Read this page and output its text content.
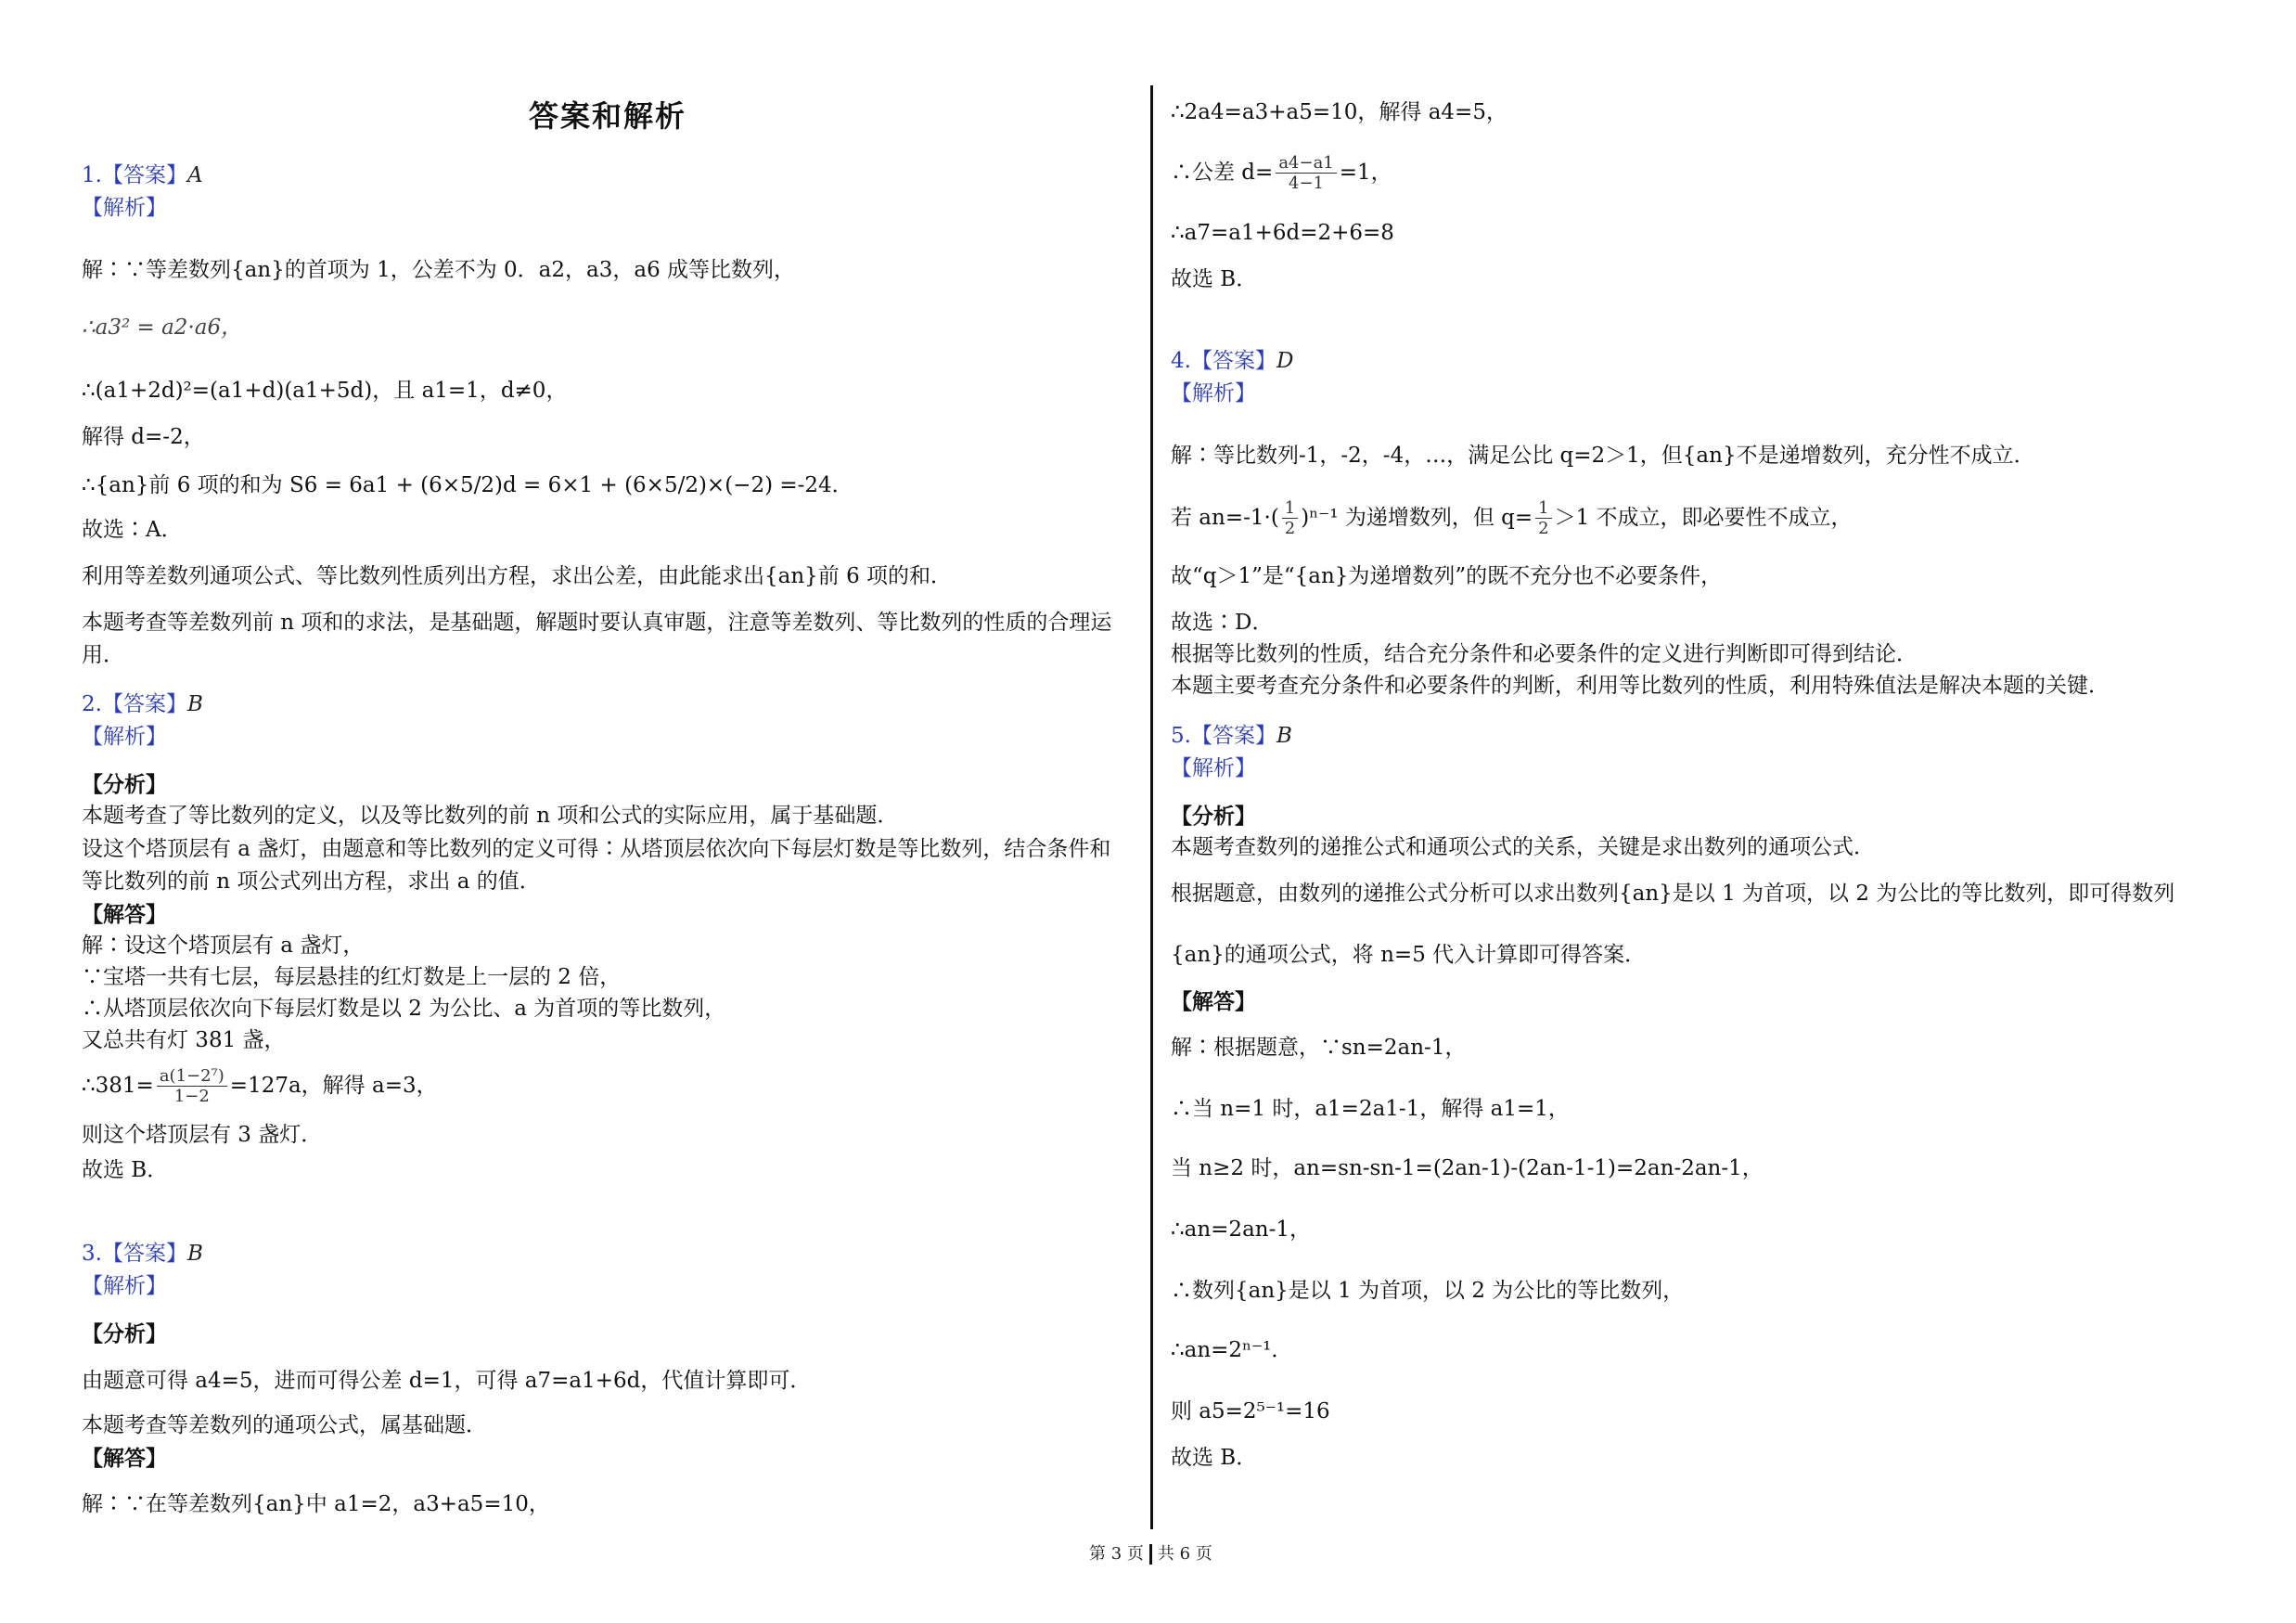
答案和解析
1.【答案】A
【解析】
解∶∵等差数列{an}的首项为 1，公差不为 0．a2，a3，a6 成等比数列，
∴a3² = a2·a6，
∴(a1+2d)²=(a1+d)(a1+5d)，且 a1=1，d≠0，
解得 d=-2，
∴{an}前 6 项的和为 S6 = 6a1 + (6×5/2)d = 6×1 + (6×5/2)×(−2) =-24．
故选∶A．
利用等差数列通项公式、等比数列性质列出方程，求出公差，由此能求出{an}前 6 项的和．
本题考查等差数列前 n 项和的求法，是基础题，解题时要认真审题，注意等差数列、等比数列的性质的合理运用．
2.【答案】B
【解析】
【分析】
本题考查了等比数列的定义，以及等比数列的前 n 项和公式的实际应用，属于基础题．
设这个塔顶层有 a 盏灯，由题意和等比数列的定义可得∶从塔顶层依次向下每层灯数是等比数列，结合条件和等比数列的前 n 项公式列出方程，求出 a 的值．
【解答】
解∶设这个塔顶层有 a 盏灯，
∵宝塔一共有七层，每层悬挂的红灯数是上一层的 2 倍，
∴从塔顶层依次向下每层灯数是以 2 为公比、a 为首项的等比数列，
又总共有灯 381 盏，
∴381= $\frac{\text{a(1−2⁷)}}{1-2} =127a$，解得 a=3，
则这个塔顶层有 3 盏灯．
故选 B．
3.【答案】B
【解析】
【分析】
由题意可得 a4=5，进而可得公差 d=1，可得 a7=a1+6d，代值计算即可．
本题考查等差数列的通项公式，属基础题．
【解答】
解∶∵在等差数列{an}中 a1=2，a3+a5=10，
∴2a4=a3+a5=10，解得 a4=5，
∴公差 $d= \frac{a4-a1}{4-1} =1$，
∴a7=a1+6d=2+6=8
故选 B．
4.【答案】D
【解析】
解∶等比数列-1，-2，-4，…，满足公比 q=2＞1，但{an}不是递增数列，充分性不成立．
若 $an=-1\cdot( \frac{1}{2} )^{n-1}$ 为递增数列，但 $q= \frac{1}{2} >1$ 不成立，即必要性不成立，
故“q＞1”是“{an}为递增数列”的既不充分也不必要条件，
故选∶D．
根据等比数列的性质，结合充分条件和必要条件的定义进行判断即可得到结论．
本题主要考查充分条件和必要条件的判断，利用等比数列的性质，利用特殊值法是解决本题的关键．
5.【答案】B
【解析】
【分析】
本题考查数列的递推公式和通项公式的关系，关键是求出数列的通项公式．
根据题意，由数列的递推公式分析可以求出数列{an}是以 1 为首项，以 2 为公比的等比数列，即可得数列
{an}的通项公式，将 n=5 代入计算即可得答案．
【解答】
解∶根据题意，∵sn=2an-1，
∴当 n=1 时，a1=2a1-1，解得 a1=1，
当 n≥2 时，an=sn-sn-1=(2an-1)-(2an-1-1)=2an-2an-1，
∴an=2an-1，
∴数列{an}是以 1 为首项，以 2 为公比的等比数列，
∴an=2ⁿ⁻¹．
则 a5=2⁵⁻¹=16
故选 B．
第 3 页 共 6 页
